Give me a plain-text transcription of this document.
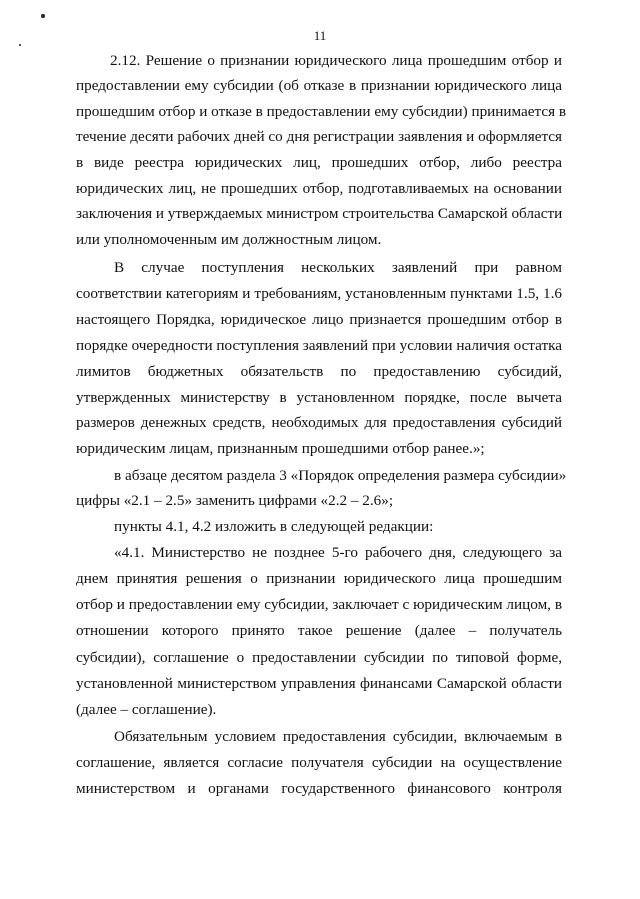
11
2.12. Решение о признании юридического лица прошедшим отбор и
предоставлении ему субсидии (об отказе в признании юридического лица
прошедшим отбор и отказе в предоставлении ему субсидии) принимается в
течение десяти рабочих дней со дня регистрации заявления и оформляется
в виде реестра юридических лиц, прошедших отбор, либо реестра
юридических лиц, не прошедших отбор, подготавливаемых на основании
заключения и утверждаемых министром строительства Самарской области
или уполномоченным им должностным лицом.
В случае поступления нескольких заявлений при равном
соответствии категориям и требованиям, установленным пунктами 1.5, 1.6
настоящего Порядка, юридическое лицо признается прошедшим отбор в
порядке очередности поступления заявлений при условии наличия остатка
лимитов бюджетных обязательств по предоставлению субсидий,
утвержденных министерству в установленном порядке, после вычета
размеров денежных средств, необходимых для предоставления субсидий
юридическим лицам, признанным прошедшими отбор ранее.»;
в абзаце десятом раздела 3 «Порядок определения размера субсидии»
цифры «2.1 – 2.5» заменить цифрами «2.2 – 2.6»;
пункты 4.1, 4.2 изложить в следующей редакции:
«4.1. Министерство не позднее 5-го рабочего дня, следующего за
днем принятия решения о признании юридического лица прошедшим
отбор и предоставлении ему субсидии, заключает с юридическим лицом, в
отношении которого принято такое решение (далее – получатель
субсидии), соглашение о предоставлении субсидии по типовой форме,
установленной министерством управления финансами Самарской области
(далее – соглашение).
Обязательным условием предоставления субсидии, включаемым в
соглашение, является согласие получателя субсидии на осуществление
министерством и органами государственного финансового контроля
